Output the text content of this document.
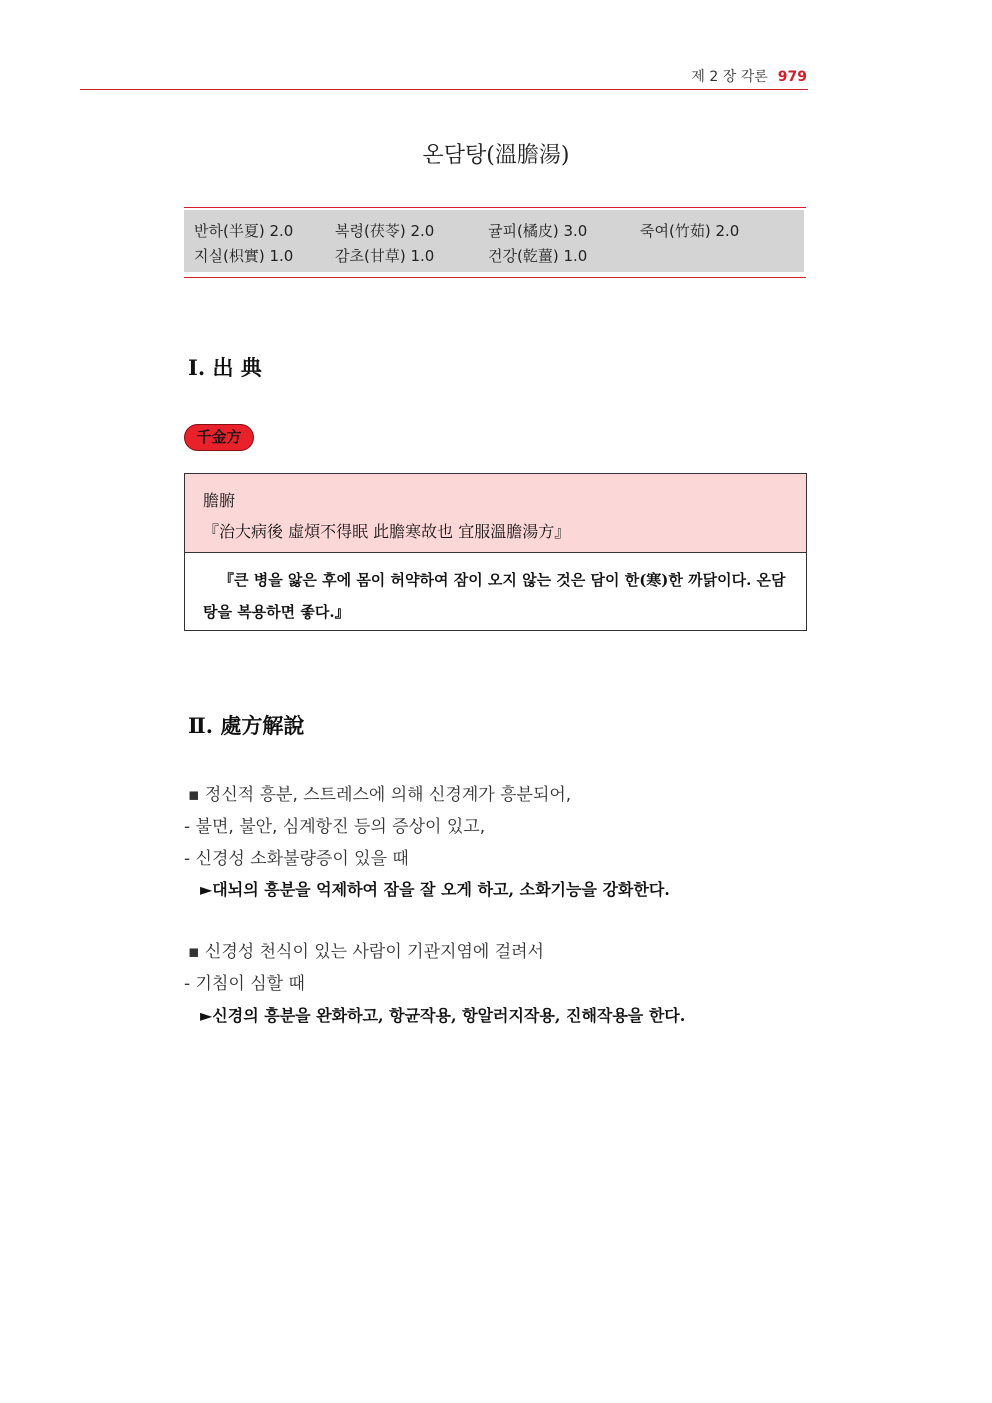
제 2 장 각론 979
온담탕(溫膽湯)
반하(半夏) 2.0	복령(茯苓) 2.0	귤피(橘皮) 3.0	죽여(竹茹) 2.0
지실(枳實) 1.0	감초(甘草) 1.0	건강(乾薑) 1.0
Ⅰ. 出 典
千金方
膽腑
『治大病後 虛煩不得眠 此膽寒故也 宜服溫膽湯方』
『큰 병을 앓은 후에 몸이 허약하여 잠이 오지 않는 것은 담이 한(寒)한 까닭이다. 온담탕을 복용하면 좋다.』
Ⅱ. 處方解說
▪ 정신적 흥분, 스트레스에 의해 신경계가 흥분되어,
- 불면, 불안, 심계항진 등의 증상이 있고,
- 신경성 소화불량증이 있을 때
►대뇌의 흥분을 억제하여 잠을 잘 오게 하고, 소화기능을 강화한다.
▪ 신경성 천식이 있는 사람이 기관지염에 걸려서
- 기침이 심할 때
►신경의 흥분을 완화하고, 항균작용, 항알러지작용, 진해작용을 한다.
